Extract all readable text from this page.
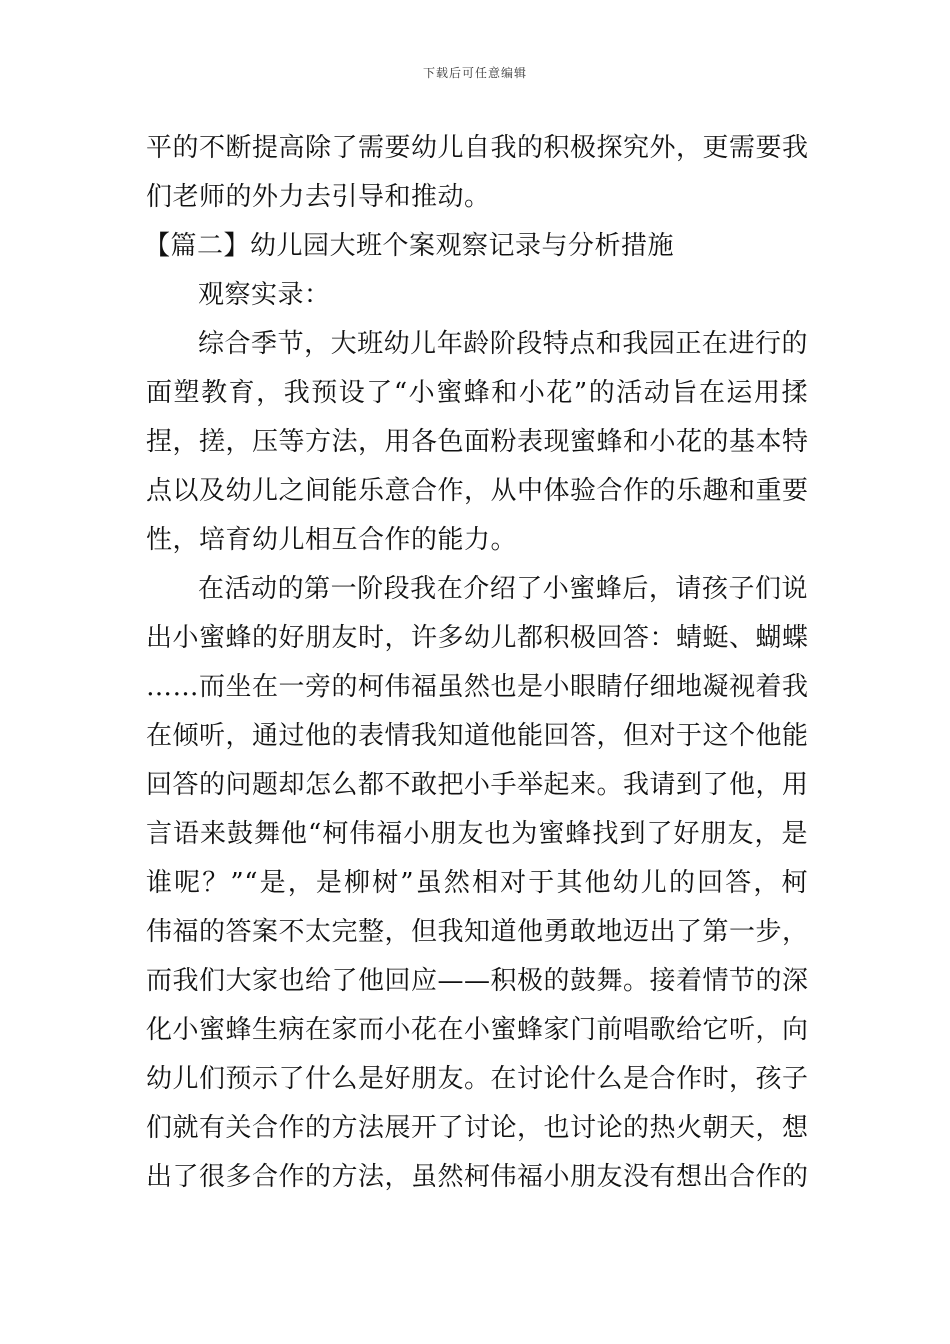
下载后可任意编辑
平的不断提高除了需要幼儿自我的积极探究外，更需要我
们老师的外力去引导和推动。
【篇二】幼儿园大班个案观察记录与分析措施
观察实录：
综合季节，大班幼儿年龄阶段特点和我园正在进行的
面塑教育，我预设了“小蜜蜂和小花”的活动旨在运用揉
捏，搓，压等方法，用各色面粉表现蜜蜂和小花的基本特
点以及幼儿之间能乐意合作，从中体验合作的乐趣和重要
性，培育幼儿相互合作的能力。
在活动的第一阶段我在介绍了小蜜蜂后，请孩子们说
出小蜜蜂的好朋友时，许多幼儿都积极回答：蜻蜓、蝴蝶
……而坐在一旁的柯伟福虽然也是小眼睛仔细地凝视着我
在倾听，通过他的表情我知道他能回答，但对于这个他能
回答的问题却怎么都不敢把小手举起来。我请到了他，用
言语来鼓舞他“柯伟福小朋友也为蜜蜂找到了好朋友，是
谁呢？”“是，是柳树”虽然相对于其他幼儿的回答，柯
伟福的答案不太完整，但我知道他勇敢地迈出了第一步，
而我们大家也给了他回应——积极的鼓舞。接着情节的深
化小蜜蜂生病在家而小花在小蜜蜂家门前唱歌给它听，向
幼儿们预示了什么是好朋友。在讨论什么是合作时，孩子
们就有关合作的方法展开了讨论，也讨论的热火朝天，想
出了很多合作的方法，虽然柯伟福小朋友没有想出合作的
